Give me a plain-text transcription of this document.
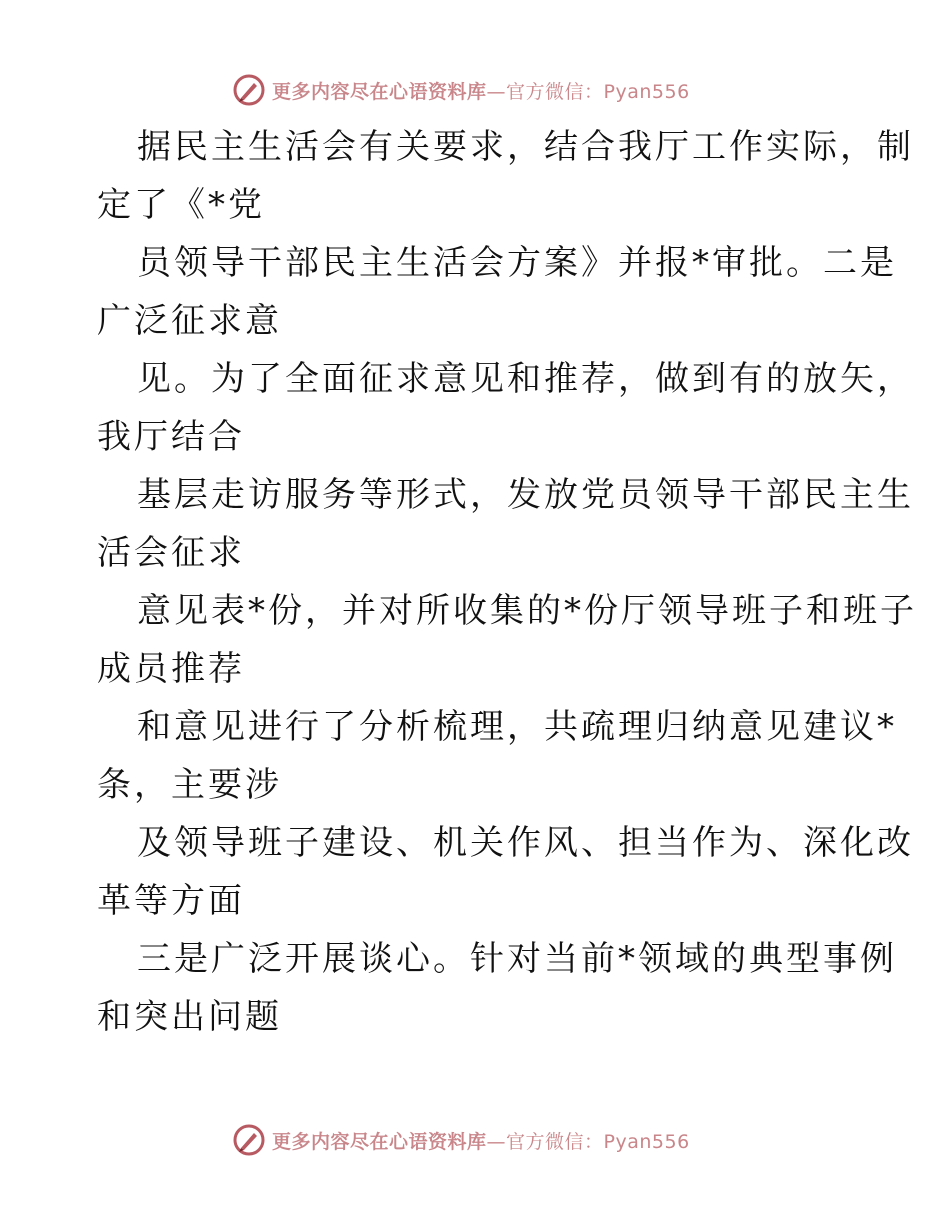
更多内容尽在心语资料库—官方微信：Pyan556
据民主生活会有关要求，结合我厅工作实际，制
定了《*党
员领导干部民主生活会方案》并报*审批。二是
广泛征求意
见。为了全面征求意见和推荐，做到有的放矢，
我厅结合
基层走访服务等形式，发放党员领导干部民主生
活会征求
意见表*份，并对所收集的*份厅领导班子和班子
成员推荐
和意见进行了分析梳理，共疏理归纳意见建议*
条，主要涉
及领导班子建设、机关作风、担当作为、深化改
革等方面
三是广泛开展谈心。针对当前*领域的典型事例
和突出问题
更多内容尽在心语资料库—官方微信：Pyan556
